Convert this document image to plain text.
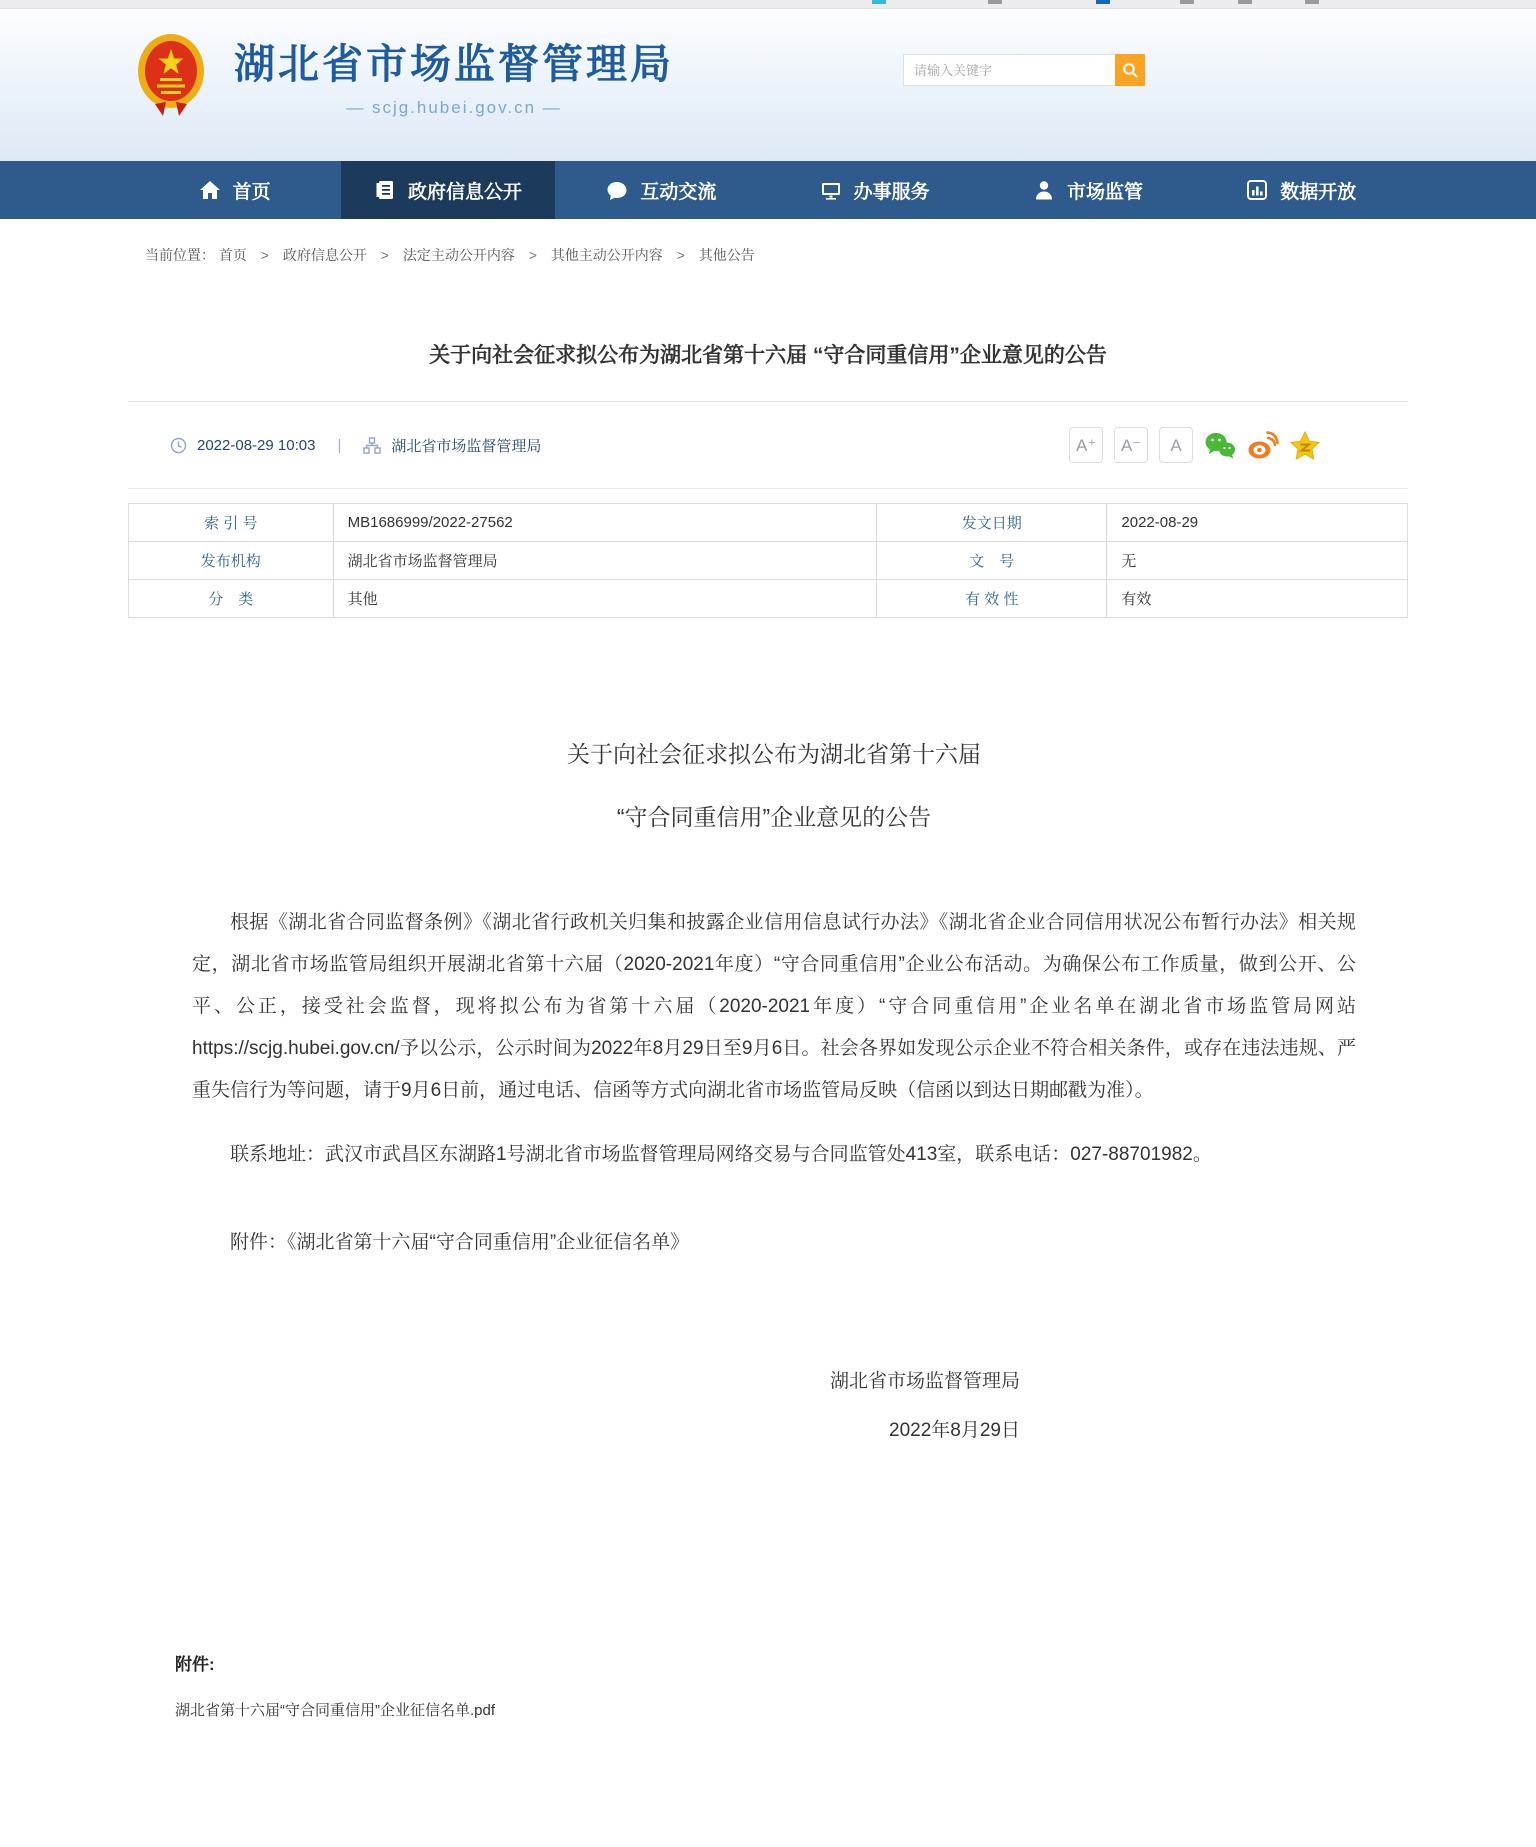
湖北省市场监督管理局
— scjg.hubei.gov.cn —
请输入关键字
首页	政府信息公开	互动交流	办事服务	市场监管	数据开放
当前位置： 首页 > 政府信息公开 > 法定主动公开内容 > 其他主动公开内容 > 其他公告
关于向社会征求拟公布为湖北省第十六届 “守合同重信用”企业意见的公告
2022-08-29 10:03 |	湖北省市场监督管理局	A⁺	A⁻	A
索 引 号	MB1686999/2022-27562	发文日期	2022-08-29
发布机构	湖北省市场监督管理局	文　号	无
分　类	其他	有 效 性	有效
关于向社会征求拟公布为湖北省第十六届
“守合同重信用”企业意见的公告

根据《湖北省合同监督条例》《湖北省行政机关归集和披露企业信用信息试行办法》《湖北省企业合同信用状况公布暂行办法》相关规定，湖北省市场监管局组织开展湖北省第十六届（2020-2021年度）“守合同重信用”企业公布活动。为确保公布工作质量，做到公开、公平、公正，接受社会监督，现将拟公布为省第十六届（2020-2021年度）“守合同重信用”企业名单在湖北省市场监管局网站https://scjg.hubei.gov.cn/予以公示，公示时间为2022年8月29日至9月6日。社会各界如发现公示企业不符合相关条件，或存在违法违规、严重失信行为等问题，请于9月6日前，通过电话、信函等方式向湖北省市场监管局反映（信函以到达日期邮戳为准）。

联系地址：武汉市武昌区东湖路1号湖北省市场监督管理局网络交易与合同监管处413室，联系电话：027-88701982。

附件：《湖北省第十六届“守合同重信用”企业征信名单》

湖北省市场监督管理局
2022年8月29日
附件:
湖北省第十六届“守合同重信用”企业征信名单.pdf
